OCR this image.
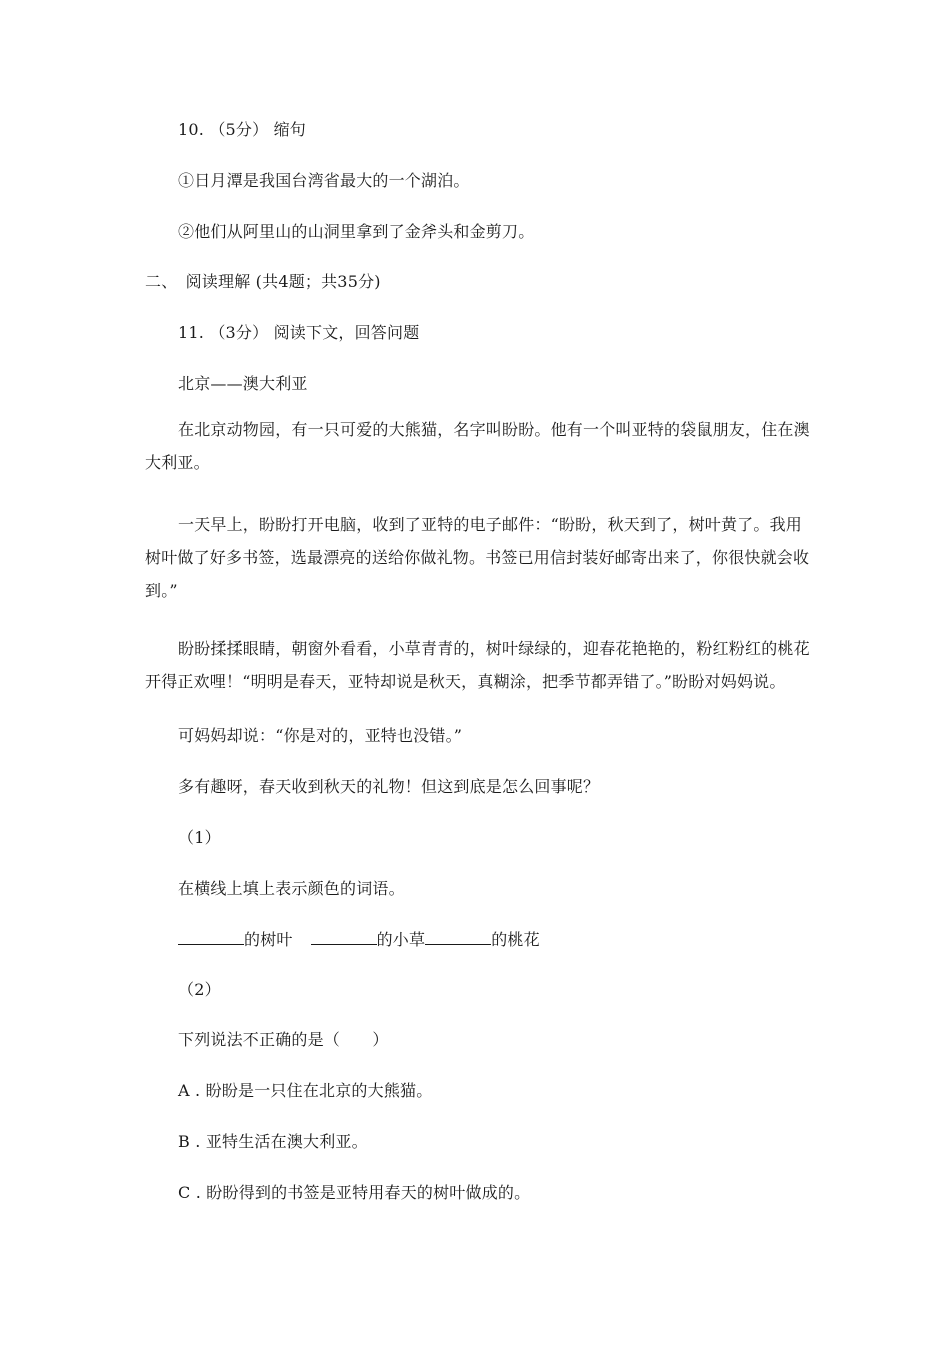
10. （5分） 缩句
①日月潭是我国台湾省最大的一个湖泊。
②他们从阿里山的山洞里拿到了金斧头和金剪刀。
二、　阅读理解 (共4题；共35分)
11. （3分） 阅读下文，回答问题
北京——澳大利亚
在北京动物园，有一只可爱的大熊猫，名字叫盼盼。他有一个叫亚特的袋鼠朋友，住在澳大利亚。
一天早上，盼盼打开电脑，收到了亚特的电子邮件：“盼盼，秋天到了，树叶黄了。我用树叶做了好多书签，选最漂亮的送给你做礼物。书签已用信封装好邮寄出来了，你很快就会收到。”
盼盼揉揉眼睛，朝窗外看看，小草青青的，树叶绿绿的，迎春花艳艳的，粉红粉红的桃花开得正欢哩！“明明是春天，亚特却说是秋天，真糊涂，把季节都弄错了。”盼盼对妈妈说。
可妈妈却说：“你是对的，亚特也没错。”
多有趣呀，春天收到秋天的礼物！但这到底是怎么回事呢？
（1）
在横线上填上表示颜色的词语。
的树叶	的小草	的桃花
（2）
下列说法不正确的是（　　）
A . 盼盼是一只住在北京的大熊猫。
B . 亚特生活在澳大利亚。
C . 盼盼得到的书签是亚特用春天的树叶做成的。
